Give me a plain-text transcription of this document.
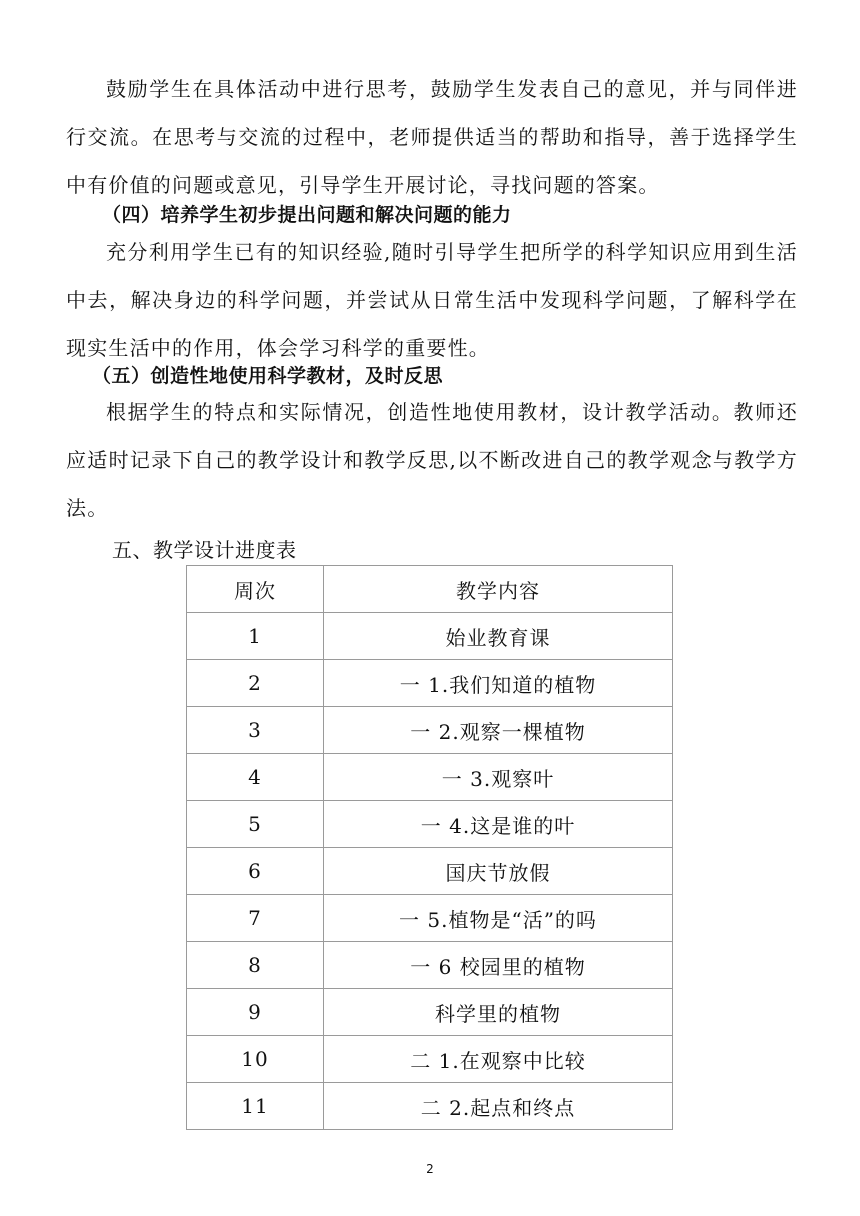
鼓励学生在具体活动中进行思考，鼓励学生发表自己的意见，并与同伴进行交流。在思考与交流的过程中，老师提供适当的帮助和指导，善于选择学生中有价值的问题或意见，引导学生开展讨论，寻找问题的答案。

（四）培养学生初步提出问题和解决问题的能力

充分利用学生已有的知识经验,随时引导学生把所学的科学知识应用到生活中去，解决身边的科学问题，并尝试从日常生活中发现科学问题，了解科学在现实生活中的作用，体会学习科学的重要性。

（五）创造性地使用科学教材，及时反思

根据学生的特点和实际情况，创造性地使用教材，设计教学活动。教师还应适时记录下自己的教学设计和教学反思,以不断改进自己的教学观念与教学方法。

五、教学设计进度表

周次	教学内容
1	始业教育课
2	一 1.我们知道的植物
3	一 2.观察一棵植物
4	一 3.观察叶
5	一 4.这是谁的叶
6	国庆节放假
7	一 5.植物是“活”的吗
8	一 6 校园里的植物
9	科学里的植物
10	二 1.在观察中比较
11	二 2.起点和终点
2
